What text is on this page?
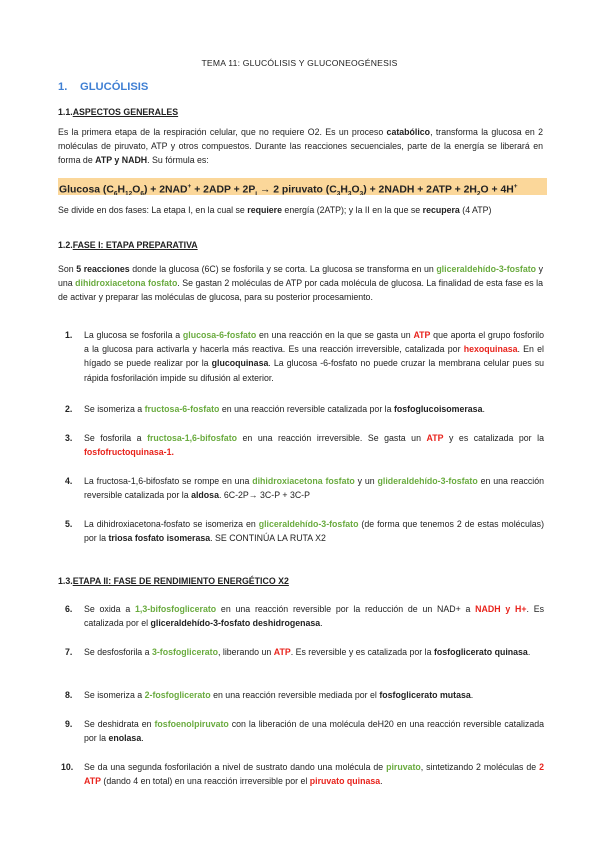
TEMA 11: GLUCÓLISIS Y GLUCONEOGÉNESIS
1. GLUCÓLISIS
1.1.ASPECTOS GENERALES
Es la primera etapa de la respiración celular, que no requiere O2. Es un proceso catabólico, transforma la glucosa en 2 moléculas de piruvato, ATP y otros compuestos. Durante las reacciones secuenciales, parte de la energía se liberará en forma de ATP y NADH. Su fórmula es:
Glucosa $(C_6H_{12}O_6) + 2NAD^+ + 2ADP + 2P_i \to 2$ piruvato $(C_3H_3O_3)$ + 2NADH + $2ATP + 2H_2O + 4H^+$
Se divide en dos fases: La etapa I, en la cual se requiere energía (2ATP); y la II en la que se recupera (4 ATP)
1.2.FASE I: ETAPA PREPARATIVA
Son 5 reacciones donde la glucosa (6C) se fosforila y se corta. La glucosa se transforma en un gliceraldehído-3-fosfato y una dihidroxiacetona fosfato. Se gastan 2 moléculas de ATP por cada molécula de glucosa. La finalidad de esta fase es la de activar y preparar las moléculas de glucosa, para su posterior procesamiento.
1. La glucosa se fosforila a glucosa-6-fosfato en una reacción en la que se gasta un ATP que aporta el grupo fosforilo a la glucosa para activarla y hacerla más reactiva. Es una reacción irreversible, catalizada por hexoquinasa. En el hígado se puede realizar por la glucoquinasa. La glucosa -6-fosfato no puede cruzar la membrana celular pues su rápida fosforilación impide su difusión al exterior.
2. Se isomeriza a fructosa-6-fosfato en una reacción reversible catalizada por la fosfoglucoisomerasa.
3. Se fosforila a fructosa-1,6-bifosfato en una reacción irreversible. Se gasta un ATP y es catalizada por la fosfofructoquinasa-1.
4. La fructosa-1,6-bifosfato se rompe en una dihidroxiacetona fosfato y un glideraldehído-3-fosfato en una reacción reversible catalizada por la aldosa. 6C-2P→ 3C-P + 3C-P
5. La dihidroxiacetona-fosfato se isomeriza en gliceraldehído-3-fosfato (de forma que tenemos 2 de estas moléculas) por la triosa fosfato isomerasa. SE CONTINÚA LA RUTA X2
1.3.ETAPA II: FASE DE RENDIMIENTO ENERGÉTICO X2
6. Se oxida a 1,3-bifosfoglicerato en una reacción reversible por la reducción de un NAD+ a NADH y H+. Es catalizada por el gliceraldehído-3-fosfato deshidrogenasa.
7. Se desfosforila a 3-fosfoglicerato, liberando un ATP. Es reversible y es catalizada por la fosfoglicerato quinasa.
8. Se isomeriza a 2-fosfoglicerato en una reacción reversible mediada por el fosfoglicerato mutasa.
9. Se deshidrata en fosfoenolpiruvato con la liberación de una molécula deH20 en una reacción reversible catalizada por la enolasa.
10. Se da una segunda fosforilación a nivel de sustrato dando una molécula de piruvato, sintetizando 2 moléculas de 2 ATP (dando 4 en total) en una reacción irreversible por el piruvato quinasa.
